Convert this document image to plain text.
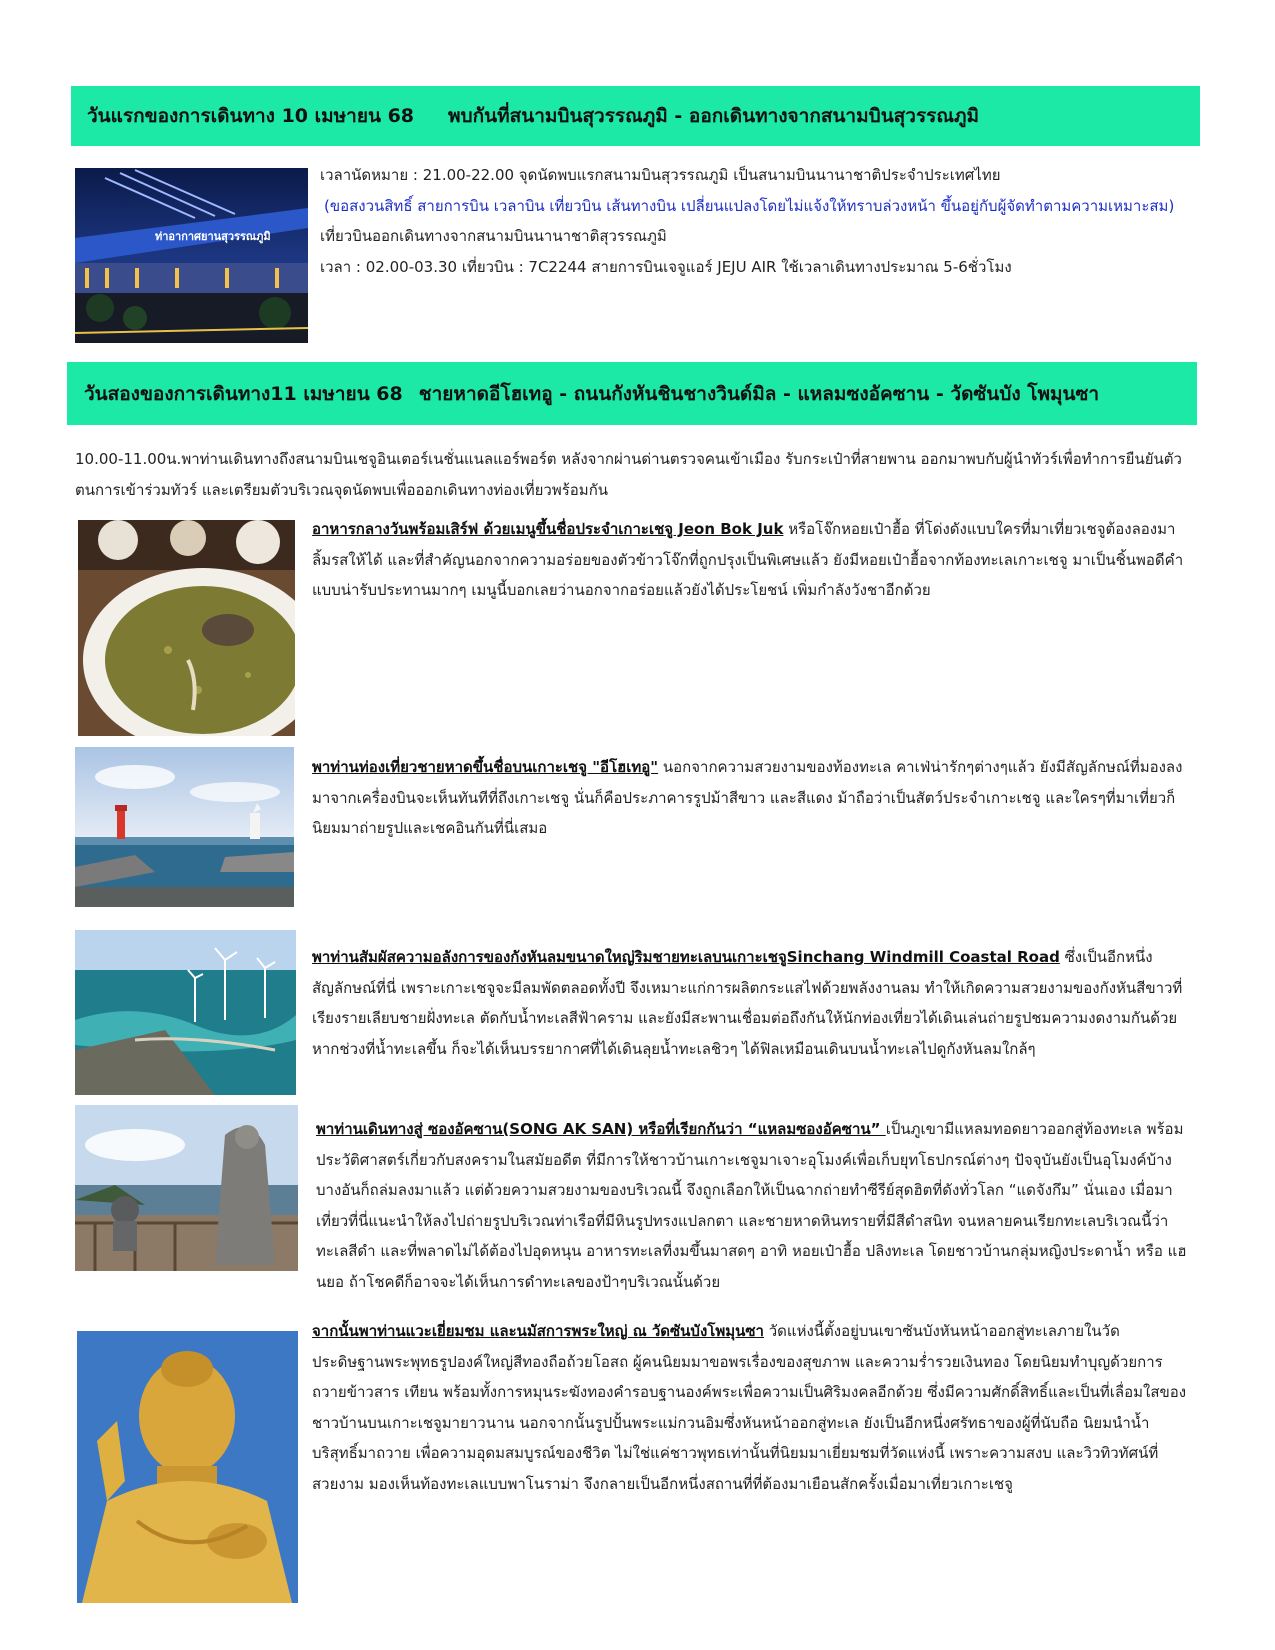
วันแรกของการเดินทาง 10 เมษายน 68 พบกันที่สนามบินสุวรรณภูมิ - ออกเดินทางจากสนามบินสุวรรณภูมิ
ท่าอากาศยานสุวรรณภูมิ

เวลานัดหมาย : 21.00-22.00 จุดนัดพบแรกสนามบินสุวรรณภูมิ เป็นสนามบินนานาชาติประจำประเทศไทย

(ขอสงวนสิทธิ์ สายการบิน เวลาบิน เที่ยวบิน เส้นทางบิน เปลี่ยนแปลงโดยไม่แจ้งให้ทราบล่วงหน้า ขึ้นอยู่กับผู้จัดทำตามความเหมาะสม)

เที่ยวบินออกเดินทางจากสนามบินนานาชาติสุวรรณภูมิ

เวลา : 02.00-03.30 เที่ยวบิน : 7C2244 สายการบินเจจูแอร์ JEJU AIR ใช้เวลาเดินทางประมาณ 5-6ชั่วโมง

วันสองของการเดินทาง11 เมษายน 68 ชายหาดอีโฮเทอู - ถนนกังหันชินชางวินด์มิล - แหลมซงอัคซาน - วัดซันบัง โพมุนซา

10.00-11.00น.พาท่านเดินทางถึงสนามบินเชจูอินเตอร์เนชั่นแนลแอร์พอร์ต หลังจากผ่านด่านตรวจคนเข้าเมือง รับกระเป๋าที่สายพาน ออกมาพบกับผู้นำทัวร์เพื่อทำการยืนยันตัวตนการเข้าร่วมทัวร์ และเตรียมตัวบริเวณจุดนัดพบเพื่อออกเดินทางท่องเที่ยวพร้อมกัน

อาหารกลางวันพร้อมเสิร์ฟ ด้วยเมนูขึ้นชื่อประจำเกาะเชจู Jeon Bok Juk หรือโจ๊กหอยเป๋าฮื้อ ที่โด่งดังแบบใครที่มาเที่ยวเชจูต้องลองมาลิ้มรสให้ได้ และที่สำคัญนอกจากความอร่อยของตัวข้าวโจ๊กที่ถูกปรุงเป็นพิเศษแล้ว ยังมีหอยเป๋าฮื้อจากท้องทะเลเกาะเชจู มาเป็นชิ้นพอดีคำแบบน่ารับประทานมากๆ เมนูนี้บอกเลยว่านอกจากอร่อยแล้วยังได้ประโยชน์ เพิ่มกำลังวังชาอีกด้วย

พาท่านท่องเที่ยวชายหาดขึ้นชื่อบนเกาะเชจู "อีโฮเทอู" นอกจากความสวยงามของท้องทะเล คาเฟ่น่ารักๆต่างๆแล้ว ยังมีสัญลักษณ์ที่มองลงมาจากเครื่องบินจะเห็นทันทีที่ถึงเกาะเชจู นั่นก็คือประภาคารรูปม้าสีขาว และสีแดง ม้าถือว่าเป็นสัตว์ประจำเกาะเชจู และใครๆที่มาเที่ยวก็นิยมมาถ่ายรูปและเชคอินกันที่นี่เสมอ

พาท่านสัมผัสความอลังการของกังหันลมขนาดใหญ่ริมชายทะเลบนเกาะเชจูSinchang Windmill Coastal Road ซึ่งเป็นอีกหนึ่งสัญลักษณ์ที่นี่ เพราะเกาะเชจูจะมีลมพัดตลอดทั้งปี จึงเหมาะแก่การผลิตกระแสไฟด้วยพลังงานลม ทำให้เกิดความสวยงามของกังหันสีขาวที่เรียงรายเลียบชายฝั่งทะเล ตัดกับน้ำทะเลสีฟ้าคราม และยังมีสะพานเชื่อมต่อถึงกันให้นักท่องเที่ยวได้เดินเล่นถ่ายรูปชมความงดงามกันด้วย หากช่วงที่น้ำทะเลขึ้น ก็จะได้เห็นบรรยากาศที่ได้เดินลุยน้ำทะเลชิวๆ ได้ฟิลเหมือนเดินบนน้ำทะเลไปดูกังหันลมใกล้ๆ

พาท่านเดินทางสู่ ซองอัคซาน(SONG AK SAN) หรือที่เรียกกันว่า “แหลมซองอัคซาน” เป็นภูเขามีแหลมทอดยาวออกสู่ท้องทะเล พร้อมประวัติศาสตร์เกี่ยวกับสงครามในสมัยอดีต ที่มีการให้ชาวบ้านเกาะเชจูมาเจาะอุโมงค์เพื่อเก็บยุทโธปกรณ์ต่างๆ ปัจจุบันยังเป็นอุโมงค์บ้าง บางอันก็ถล่มลงมาแล้ว แต่ด้วยความสวยงามของบริเวณนี้ จึงถูกเลือกให้เป็นฉากถ่ายทำซีรีย์สุดฮิตที่ดังทั่วโลก “แดจังกึม” นั่นเอง เมื่อมาเที่ยวที่นี่แนะนำให้ลงไปถ่ายรูปบริเวณท่าเรือที่มีหินรูปทรงแปลกตา และชายหาดหินทรายที่มีสีดำสนิท จนหลายคนเรียกทะเลบริเวณนี้ว่า ทะเลสีดำ และที่พลาดไม่ได้ต้องไปอุดหนุน อาหารทะเลที่งมขึ้นมาสดๆ อาทิ หอยเป๋าฮื้อ ปลิงทะเล โดยชาวบ้านกลุ่มหญิงประดาน้ำ หรือ แฮนยอ ถ้าโชคดีก็อาจจะได้เห็นการดำทะเลของป้าๆบริเวณนั้นด้วย

จากนั้นพาท่านแวะเยี่ยมชม และนมัสการพระใหญ่ ณ วัดซันบังโพมุนซา วัดแห่งนี้ตั้งอยู่บนเขาซันบังหันหน้าออกสู่ทะเลภายในวัดประดิษฐานพระพุทธรูปองค์ใหญ่สีทองถือถ้วยโอสถ ผู้คนนิยมมาขอพรเรื่องของสุขภาพ และความร่ำรวยเงินทอง โดยนิยมทำบุญด้วยการถวายข้าวสาร เทียน พร้อมทั้งการหมุนระฆังทองคำรอบฐานองค์พระเพื่อความเป็นศิริมงคลอีกด้วย ซึ่งมีความศักดิ์สิทธิ์และเป็นที่เลื่อมใสของชาวบ้านบนเกาะเชจูมายาวนาน นอกจากนั้นรูปปั้นพระแม่กวนอิมซึ่งหันหน้าออกสู่ทะเล ยังเป็นอีกหนึ่งศรัทธาของผู้ที่นับถือ นิยมนำน้ำบริสุทธิ์มาถวาย เพื่อความอุดมสมบูรณ์ของชีวิต ไม่ใช่แค่ชาวพุทธเท่านั้นที่นิยมมาเยี่ยมชมที่วัดแห่งนี้ เพราะความสงบ และวิวทิวทัศน์ที่สวยงาม มองเห็นท้องทะเลแบบพาโนราม่า จึงกลายเป็นอีกหนึ่งสถานที่ที่ต้องมาเยือนสักครั้งเมื่อมาเที่ยวเกาะเชจู
